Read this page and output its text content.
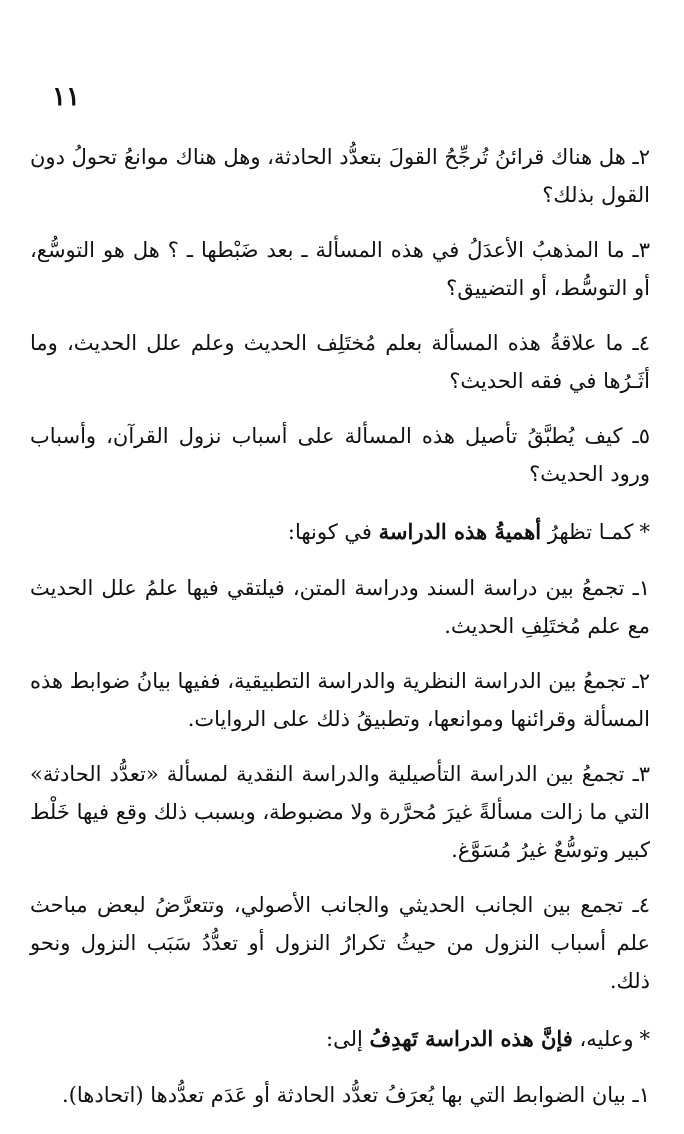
١١

٢ـ هل هناك قرائنُ تُرجِّحُ القولَ بتعدُّد الحادثة، وهل هناك موانعُ تحولُ دون القول بذلك؟

٣ـ ما المذهبُ الأعدَلُ في هذه المسألة ـ بعد ضَبْطها ـ ؟ هل هو التوسُّع، أو التوسُّط، أو التضييق؟

٤ـ ما علاقةُ هذه المسألة بعلم مُختَلِف الحديث وعلم علل الحديث، وما أثَـرُها في فقه الحديث؟

٥ـ كيف يُطبَّقُ تأصيل هذه المسألة على أسباب نزول القرآن، وأسباب ورود الحديث؟

*كمـا تظهرُ أهميةُ هذه الدراسة في كونها:

١ـ تجمعُ بين دراسة السند ودراسة المتن، فيلتقي فيها علمُ علل الحديث مع علم مُختَلِفِ الحديث.

٢ـ تجمعُ بين الدراسة النظرية والدراسة التطبيقية، ففيها بيانُ ضوابط هذه المسألة وقرائنها وموانعها، وتطبيقُ ذلك على الروايات.

٣ـ تجمعُ بين الدراسة التأصيلية والدراسة النقدية لمسألة «تعدُّد الحادثة» التي ما زالت مسألةً غيرَ مُحرَّرة ولا مضبوطة، وبسبب ذلك وقع فيها خَلْط كبير وتوسُّعٌ غيرُ مُسَوَّغ.

٤ـ تجمع بين الجانب الحديثي والجانب الأصولي، وتتعرَّضُ لبعض مباحث علم أسباب النزول من حيثُ تكرارُ النزول أو تعدُّدُ سَبَب النزول ونحو ذلك.

*وعليه، فإنَّ هذه الدراسة تَهدِفُ إلى:

١ـ بيان الضوابط التي بها يُعرَفُ تعدُّد الحادثة أو عَدَم تعدُّدها (اتحادها).
